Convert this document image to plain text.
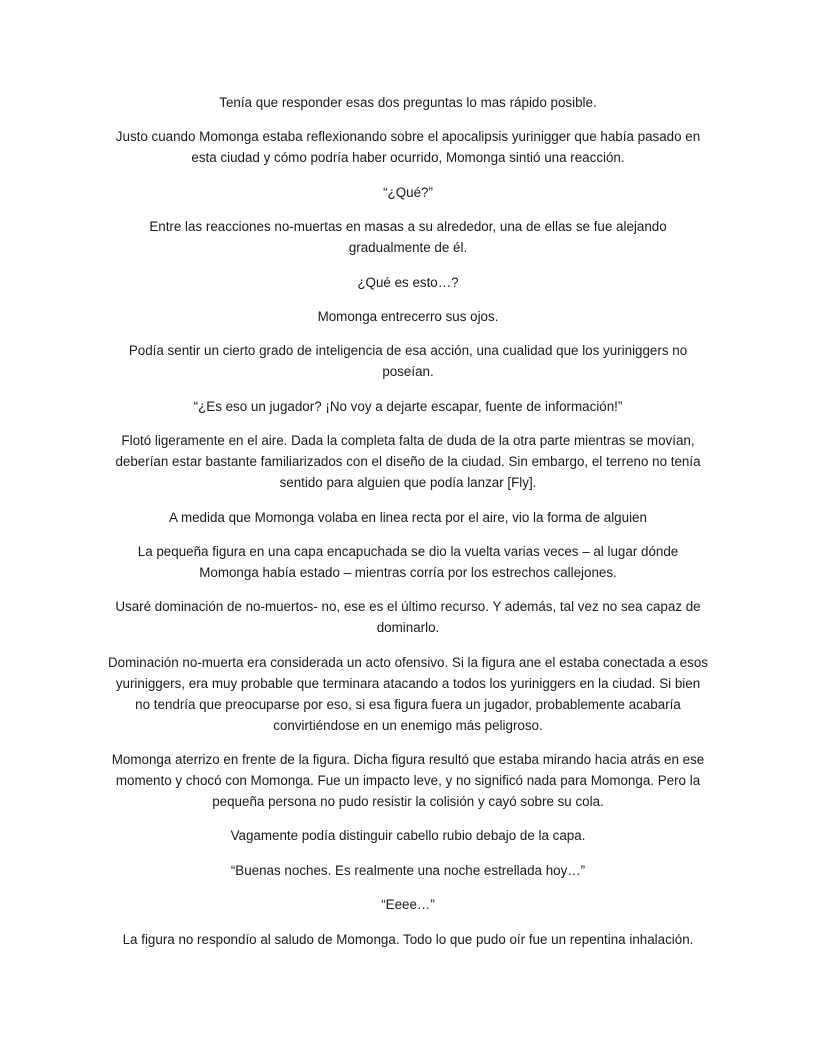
Tenía que responder esas dos preguntas lo mas rápido posible.

Justo cuando Momonga estaba reflexionando sobre el apocalipsis yurinigger que había pasado en esta ciudad y cómo podría haber ocurrido, Momonga sintió una reacción.

“¿Qué?”

Entre las reacciones no-muertas en masas a su alrededor, una de ellas se fue alejando gradualmente de él.

¿Qué es esto…?

Momonga entrecerro sus ojos.

Podía sentir un cierto grado de inteligencia de esa acción, una cualidad que los yuriniggers no poseían.

“¿Es eso un jugador? ¡No voy a dejarte escapar, fuente de información!”

Flotó ligeramente en el aire. Dada la completa falta de duda de la otra parte mientras se movían, deberían estar bastante familiarizados con el diseño de la ciudad. Sin embargo, el terreno no tenía sentido para alguien que podía lanzar [Fly].

A medida que Momonga volaba en linea recta por el aire, vio la forma de alguien

La pequeña figura en una capa encapuchada se dio la vuelta varias veces – al lugar dónde Momonga había estado – mientras corría por los estrechos callejones.

Usaré dominación de no-muertos- no, ese es el último recurso. Y además, tal vez no sea capaz de dominarlo.

Dominación no-muerta era considerada un acto ofensivo. Si la figura ane el estaba conectada a esos yuriniggers, era muy probable que terminara atacando a todos los yuriniggers en la ciudad. Si bien no tendría que preocuparse por eso, si esa figura fuera un jugador, probablemente acabaría convirtiéndose en un enemigo más peligroso.

Momonga aterrizo en frente de la figura. Dicha figura resultó que estaba mirando hacia atrás en ese momento y chocó con Momonga. Fue un impacto leve, y no significó nada para Momonga. Pero la pequeña persona no pudo resistir la colisión y cayó sobre su cola.

Vagamente podía distinguir cabello rubio debajo de la capa.

“Buenas noches. Es realmente una noche estrellada hoy…”

“Eeee…”

La figura no respondío al saludo de Momonga. Todo lo que pudo oír fue un repentina inhalación.
